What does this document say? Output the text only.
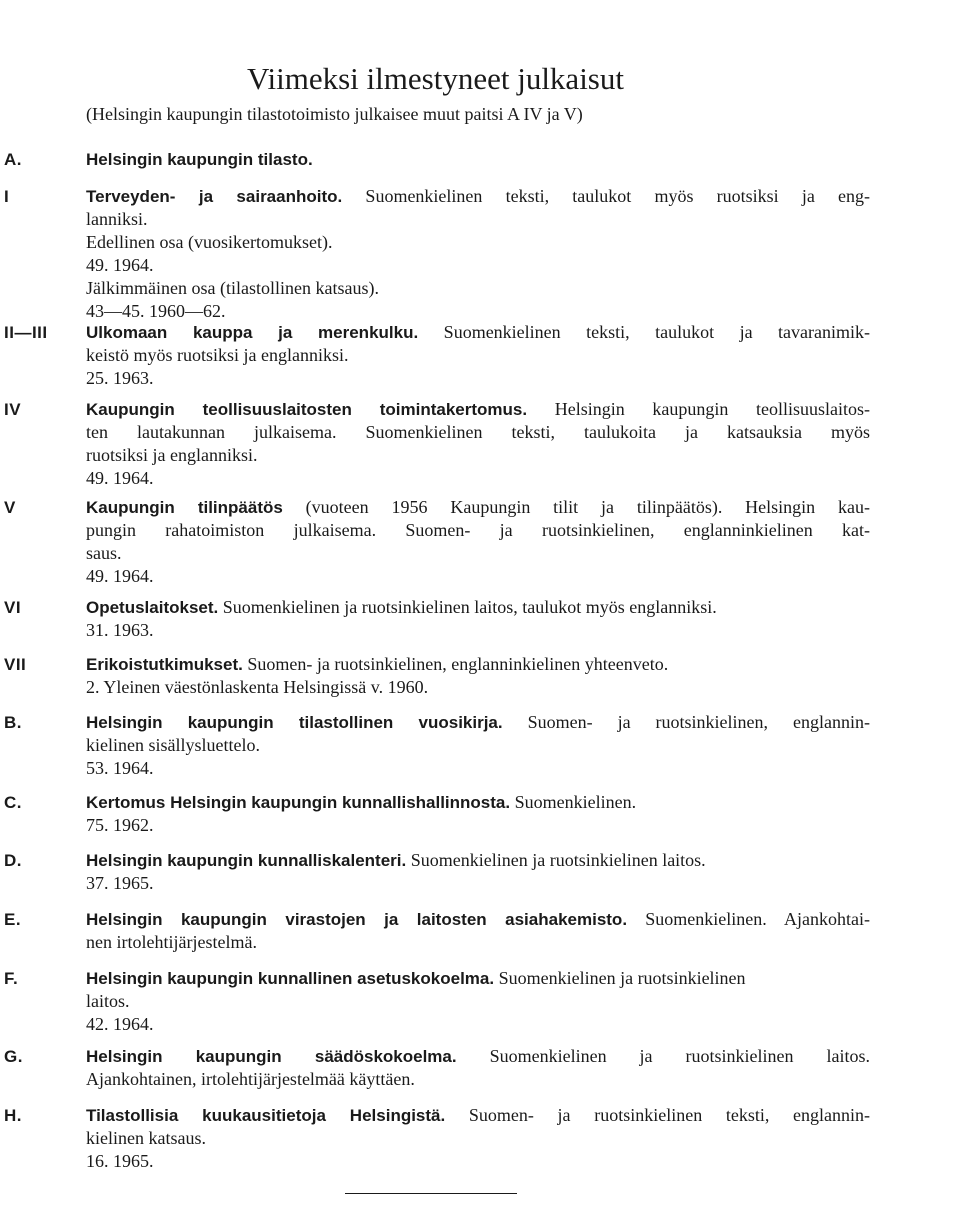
Viimeksi ilmestyneet julkaisut
(Helsingin kaupungin tilastotoimisto julkaisee muut paitsi A IV ja V)
A.	Helsingin kaupungin tilasto.
I	Terveyden- ja sairaanhoito. Suomenkielinen teksti, taulukot myös ruotsiksi ja eng-
lanniksi.
Edellinen osa (vuosikertomukset).
49. 1964.
Jälkimmäinen osa (tilastollinen katsaus).
43—45. 1960—62.
II—III Ulkomaan kauppa ja merenkulku. Suomenkielinen teksti, taulukot ja tavaranimik-
keistö myös ruotsiksi ja englanniksi.
25. 1963.
IV	Kaupungin teollisuuslaitosten toimintakertomus. Helsingin kaupungin teollisuuslaitos-
ten lautakunnan julkaisema. Suomenkielinen teksti, taulukoita ja katsauksia myös
ruotsiksi ja englanniksi.
49. 1964.
V	Kaupungin tilinpäätös (vuoteen 1956 Kaupungin tilit ja tilinpäätös). Helsingin kau-
pungin rahatoimiston julkaisema. Suomen- ja ruotsinkielinen, englanninkielinen kat-
saus.
49. 1964.
VI	Opetuslaitokset. Suomenkielinen ja ruotsinkielinen laitos, taulukot myös englanniksi.
31. 1963.
VII	Erikoistutkimukset. Suomen- ja ruotsinkielinen, englanninkielinen yhteenveto.
2. Yleinen väestönlaskenta Helsingissä v. 1960.
B.	Helsingin kaupungin tilastollinen vuosikirja. Suomen- ja ruotsinkielinen, englannin-
kielinen sisällysluettelo.
53. 1964.
C.	Kertomus Helsingin kaupungin kunnallishallinnosta. Suomenkielinen.
75. 1962.
D.	Helsingin kaupungin kunnalliskalenteri. Suomenkielinen ja ruotsinkielinen laitos.
37. 1965.
E.	Helsingin kaupungin virastojen ja laitosten asiahakemisto. Suomenkielinen. Ajankohtai-
nen irtolehtijärjestelmä.
F.	Helsingin kaupungin kunnallinen asetuskokoelma. Suomenkielinen ja ruotsinkielinen
laitos.
42. 1964.
G.	Helsingin kaupungin säädöskokoelma. Suomenkielinen ja ruotsinkielinen laitos.
Ajankohtainen, irtolehtijärjestelmää käyttäen.
H.	Tilastollisia kuukausitietoja Helsingistä. Suomen- ja ruotsinkielinen teksti, englannin-
kielinen katsaus.
16. 1965.
